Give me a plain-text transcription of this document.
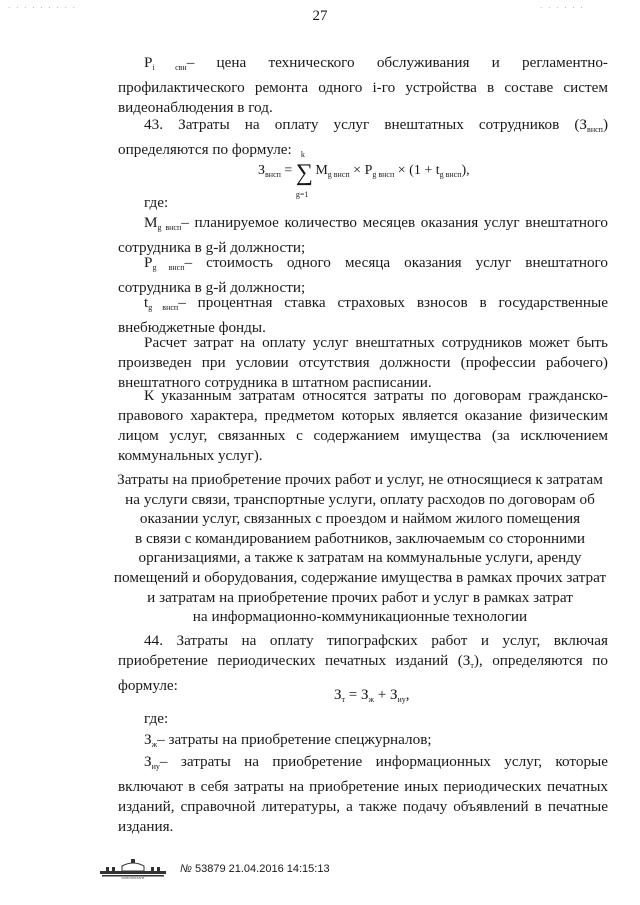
· · · · · · · · ·	· · · · · ·
27
$P_{i свн}-$ цена технического обслуживания и регламентно-
профилактического ремонта одного i-го устройства в составе систем
видеонаблюдения в год.
43. Затраты на оплату услуг внештатных сотрудников $(З_{внсп})$
определяются по формуле:
$З_{внсп}$ =
k
∑
g=1
$M_{g внсп} \times P_{g внсп} \times (1 + t_{g внсп})$,
где:
$M_{g внсп}-$ планируемое количество месяцев оказания услуг внештатного
сотрудника в g-й должности;
$P_{g внсп}-$ стоимость одного месяца оказания услуг внештатного
сотрудника в g-й должности;
$t_{g внсп}-$ процентная ставка страховых взносов в государственные
внебюджетные фонды.
Расчет затрат на оплату услуг внештатных сотрудников может быть
произведен при условии отсутствия должности (профессии рабочего)
внештатного сотрудника в штатном расписании.
К указанным затратам относятся затраты по договорам гражданско-
правового характера, предметом которых является оказание физическим
лицом услуг, связанных с содержанием имущества (за исключением
коммунальных услуг).
Затраты на приобретение прочих работ и услуг, не относящиеся к затратам
на услуги связи, транспортные услуги, оплату расходов по договорам об
оказании услуг, связанных с проездом и наймом жилого помещения
в связи с командированием работников, заключаемым со сторонними
организациями, а также к затратам на коммунальные услуги, аренду
помещений и оборудования, содержание имущества в рамках прочих затрат
и затратам на приобретение прочих работ и услуг в рамках затрат
на информационно-коммуникационные технологии
44. Затраты на оплату типографских работ и услуг, включая
приобретение периодических печатных изданий $(З_т)$, определяются по
формуле:
$З_т = З_ж + З_{иу}$,
где:
$З_ж-$ затраты на приобретение спецжурналов;
$З_{иу}-$ затраты на приобретение информационных услуг, которые
включают в себя затраты на приобретение иных периодических печатных
изданий, справочной литературы, а также подачу объявлений в печатные
издания.
КОНСУЛЬТАНТ
№ 53879 21.04.2016 14:15:13
